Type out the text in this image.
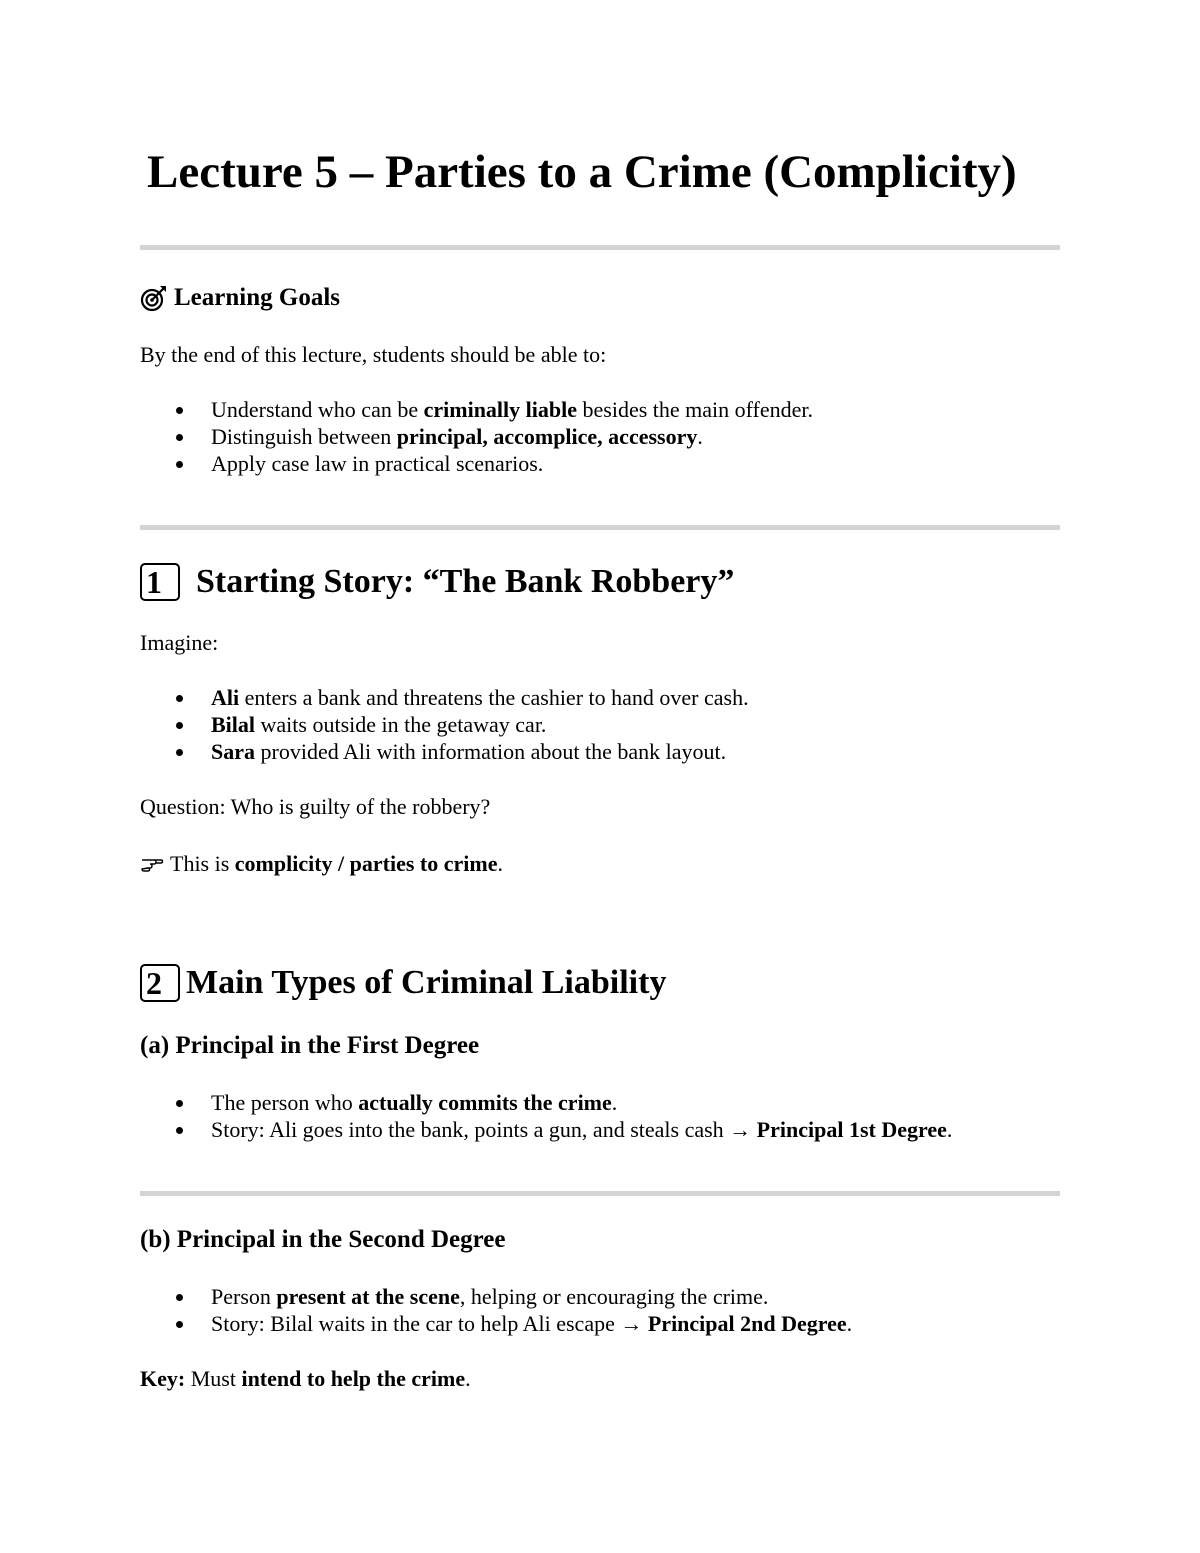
Lecture 5 – Parties to a Crime (Complicity)
Learning Goals

By the end of this lecture, students should be able to:

Understand who can be criminally liable besides the main offender.
Distinguish between principal, accomplice, accessory.
Apply case law in practical scenarios.
1	Starting Story: “The Bank Robbery”

Imagine:

Ali enters a bank and threatens the cashier to hand over cash.
Bilal waits outside in the getaway car.
Sara provided Ali with information about the bank layout.

Question: Who is guilty of the robbery?

This is complicity / parties to crime.

2 Main Types of Criminal Liability
(a) Principal in the First Degree
The person who actually commits the crime.
Story: Ali goes into the bank, points a gun, and steals cash → Principal 1st Degree.
(b) Principal in the Second Degree
Person present at the scene, helping or encouraging the crime.
Story: Bilal waits in the car to help Ali escape → Principal 2nd Degree.

Key: Must intend to help the crime.
